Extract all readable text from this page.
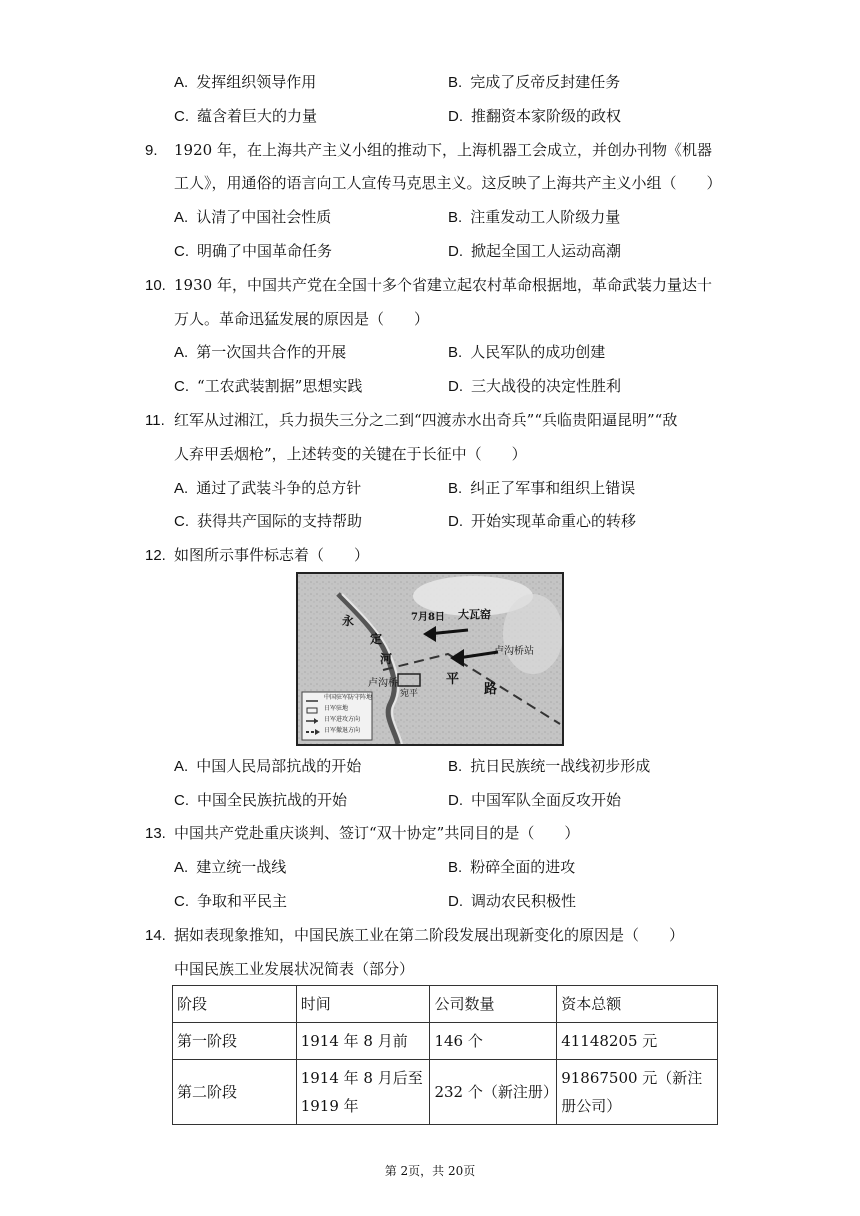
A. 发挥组织领导作用	B. 完成了反帝反封建任务
C. 蕴含着巨大的力量	D. 推翻资本家阶级的政权
9. 1920 年，在上海共产主义小组的推动下，上海机器工会成立，并创办刊物《机器
工人》，用通俗的语言向工人宣传马克思主义。这反映了上海共产主义小组（　　）
A. 认清了中国社会性质	B. 注重发动工人阶级力量
C. 明确了中国革命任务	D. 掀起全国工人运动高潮
10. 1930 年，中国共产党在全国十多个省建立起农村革命根据地，革命武装力量达十
万人。革命迅猛发展的原因是（　　）
A. 第一次国共合作的开展	B. 人民军队的成功创建
C. “工农武装割据”思想实践	D. 三大战役的决定性胜利
11. 红军从过湘江，兵力损失三分之二到“四渡赤水出奇兵”“兵临贵阳逼昆明”“敌
人弃甲丢烟枪”，上述转变的关键在于长征中（　　）
A. 通过了武装斗争的总方针	B. 纠正了军事和组织上错误
C. 获得共产国际的支持帮助	D. 开始实现革命重心的转移
12. 如图所示事件标志着（　　）
7月8日 大瓦窑
卢沟桥站
永
定
河
卢沟桥
宛平
平
路
中国驻军防守阵地
日军驻地
日军进攻方向
日军撤退方向
A. 中国人民局部抗战的开始	B. 抗日民族统一战线初步形成
C. 中国全民族抗战的开始	D. 中国军队全面反攻开始
13. 中国共产党赴重庆谈判、签订“双十协定”共同目的是（　　）
A. 建立统一战线	B. 粉碎全面的进攻
C. 争取和平民主	D. 调动农民积极性
14. 据如表现象推知，中国民族工业在第二阶段发展出现新变化的原因是（　　）
中国民族工业发展状况简表（部分）
阶段	时间	公司数量	资本总额
第一阶段	1914 年 8 月前	146 个	41148205 元
第二阶段	1914 年 8 月后至 1919 年	232 个（新注册）	91867500 元（新注册公司）
第 2页，共 20页
